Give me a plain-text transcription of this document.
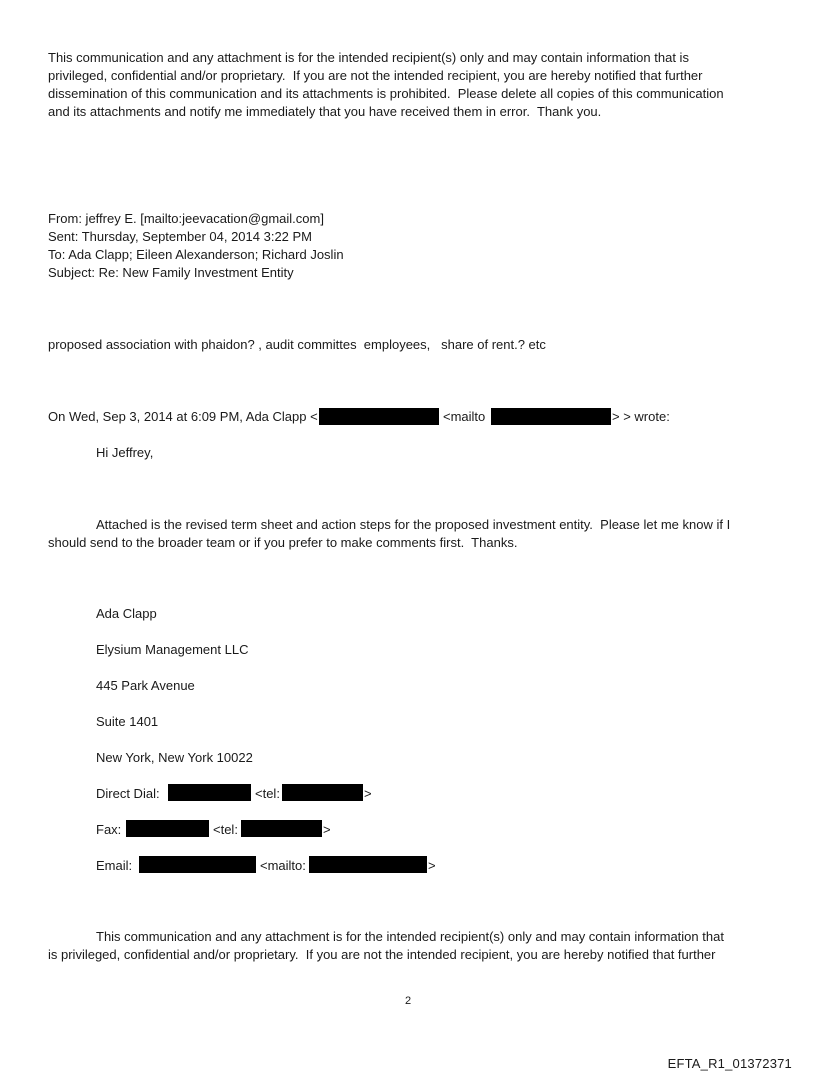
This communication and any attachment is for the intended recipient(s) only and may contain information that is
privileged, confidential and/or proprietary.  If you are not the intended recipient, you are hereby notified that further
dissemination of this communication and its attachments is prohibited.  Please delete all copies of this communication
and its attachments and notify me immediately that you have received them in error.  Thank you.
From: jeffrey E. [mailto:jeevacation@gmail.com]
Sent: Thursday, September 04, 2014 3:22 PM
To: Ada Clapp; Eileen Alexanderson; Richard Joslin
Subject: Re: New Family Investment Entity
proposed association with phaidon? , audit committes  employees,   share of rent.? etc
On Wed, Sep 3, 2014 at 6:09 PM, Ada Clapp <	<mailto	> > wrote:
Hi Jeffrey,
Attached is the revised term sheet and action steps for the proposed investment entity.  Please let me know if I
should send to the broader team or if you prefer to make comments first.  Thanks.
Ada Clapp
Elysium Management LLC
445 Park Avenue
Suite 1401
New York, New York 10022
Direct Dial:	<tel:	>
Fax:	<tel:	>
Email:	<mailto:	>
This communication and any attachment is for the intended recipient(s) only and may contain information that
is privileged, confidential and/or proprietary.  If you are not the intended recipient, you are hereby notified that further
2
EFTA_R1_01372371
